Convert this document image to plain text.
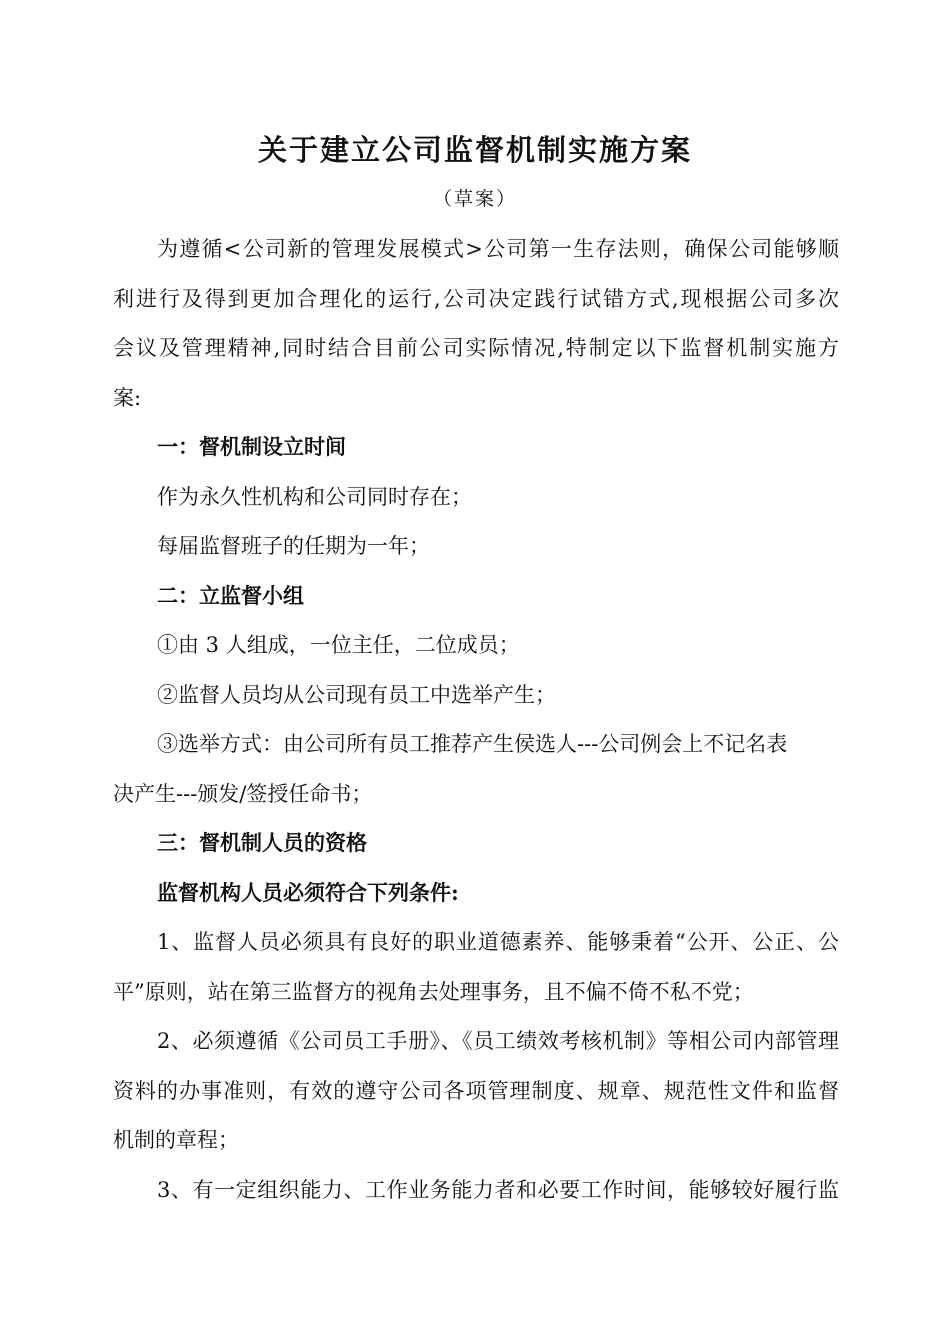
关于建立公司监督机制实施方案
（草案）
为遵循<公司新的管理发展模式>公司第一生存法则，确保公司能够顺
利进行及得到更加合理化的运行,公司决定践行试错方式,现根据公司多次
会议及管理精神,同时结合目前公司实际情况,特制定以下监督机制实施方
案:
一：督机制设立时间
作为永久性机构和公司同时存在；
每届监督班子的任期为一年；
二：立监督小组
①由 3 人组成，一位主任，二位成员；
②监督人员均从公司现有员工中选举产生；
③选举方式：由公司所有员工推荐产生侯选人---公司例会上不记名表
决产生---颁发/签授任命书；
三：督机制人员的资格
监督机构人员必须符合下列条件:
1、监督人员必须具有良好的职业道德素养、能够秉着“公开、公正、公
平”原则，站在第三监督方的视角去处理事务，且不偏不倚不私不党；
2、必须遵循《公司员工手册》、《员工绩效考核机制》等相公司内部管理
资料的办事准则，有效的遵守公司各项管理制度、规章、规范性文件和监督
机制的章程；
3、有一定组织能力、工作业务能力者和必要工作时间，能够较好履行监
